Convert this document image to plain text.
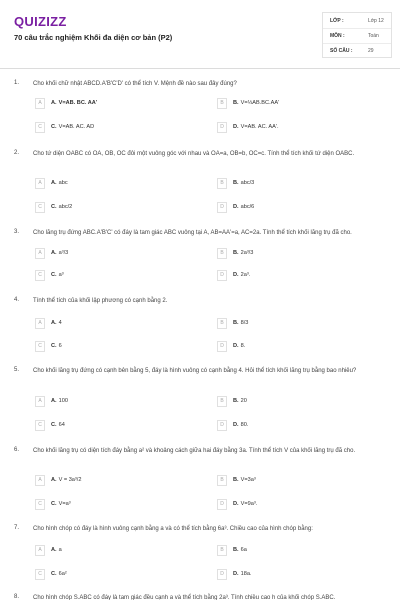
QUIZIZZ
70 câu trắc nghiệm Khối đa diện cơ bản (P2)
LỚP :	Lớp 12
MÔN :	Toán
SỐ CÂU :	29
1. Cho khối chữ nhật ABCD.A'B'C'D' có thể tích V. Mệnh đề nào sau đây đúng?
A	A. V=AB. BC. AA'	B	B. V=⅓AB.BC.AA'
C	C. V=AB. AC. AD	D	D. V=AB. AC. AA'.
2. Cho tứ diện OABC có OA, OB, OC đôi một vuông góc với nhau và OA=a, OB=b, OC=c. Tính thể tích khối tứ diện OABC.
A	A. abc	B	B. abc/3
C	C. abc/2	D	D. abc/6
3. Cho lăng trụ đứng ABC.A'B'C' có đáy là tam giác ABC vuông tại A, AB=AA'=a, AC=2a. Tính thể tích khối lăng trụ đã cho.
A	A. a³/3	B	B. 2a³/3
C	C. a³	D	D. 2a³.
4. Tính thể tích của khối lập phương có cạnh bằng 2.
A	A. 4	B	B. 8/3
C	C. 6	D	D. 8.
5. Cho khối lăng trụ đứng có cạnh bên bằng 5, đáy là hình vuông có cạnh bằng 4. Hỏi thể tích khối lăng trụ bằng bao nhiêu?
A	A. 100	B	B. 20
C	C. 64	D	D. 80.
6. Cho khối lăng trụ có diện tích đáy bằng a² và khoảng cách giữa hai đáy bằng 3a. Tính thể tích V của khối lăng trụ đã cho.
A	A. V = 3a³/2	B	B. V=3a³
C	C. V=a³	D	D. V=9a³.
7. Cho hình chóp có đáy là hình vuông cạnh bằng a và có thể tích bằng 6a³. Chiều cao của hình chóp bằng:
A	A. a	B	B. 6a
C	C. 6a²	D	D. 18a.
8. Cho hình chóp S.ABC có đáy là tam giác đều cạnh a và thể tích bằng 2a³. Tính chiều cao h của khối chóp S.ABC.
